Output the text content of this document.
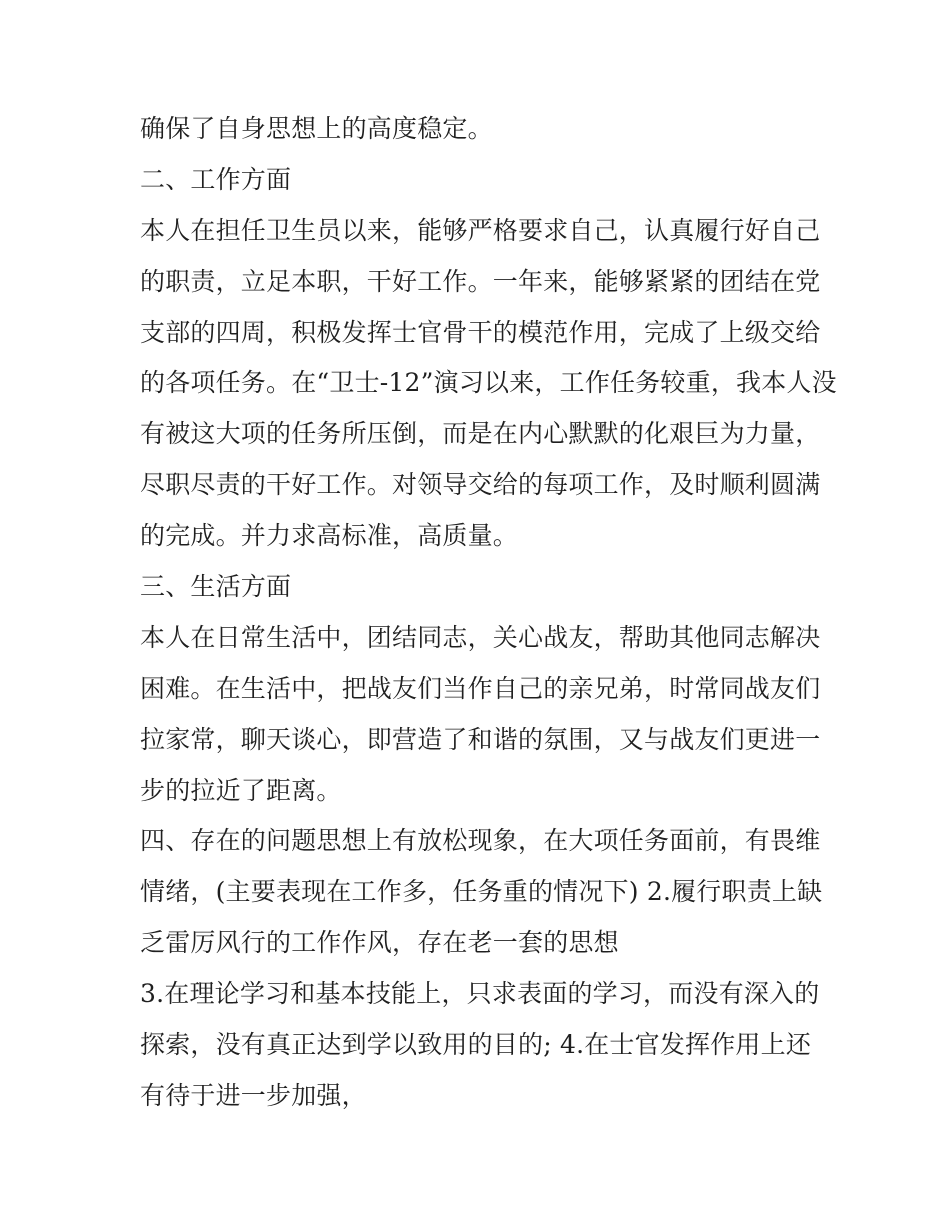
确保了自身思想上的高度稳定。
二、工作方面
本人在担任卫生员以来，能够严格要求自己，认真履行好自己
的职责，立足本职，干好工作。一年来，能够紧紧的团结在党
支部的四周，积极发挥士官骨干的模范作用，完成了上级交给
的各项任务。在“卫士-12”演习以来，工作任务较重，我本人没
有被这大项的任务所压倒，而是在内心默默的化艰巨为力量，
尽职尽责的干好工作。对领导交给的每项工作，及时顺利圆满
的完成。并力求高标准，高质量。
三、生活方面
本人在日常生活中，团结同志，关心战友，帮助其他同志解决
困难。在生活中，把战友们当作自己的亲兄弟，时常同战友们
拉家常，聊天谈心，即营造了和谐的氛围，又与战友们更进一
步的拉近了距离。
四、存在的问题思想上有放松现象，在大项任务面前，有畏维
情绪，(主要表现在工作多，任务重的情况下) 2.履行职责上缺
乏雷厉风行的工作作风，存在老一套的思想
3.在理论学习和基本技能上，只求表面的学习，而没有深入的
探索，没有真正达到学以致用的目的; 4.在士官发挥作用上还
有待于进一步加强，
